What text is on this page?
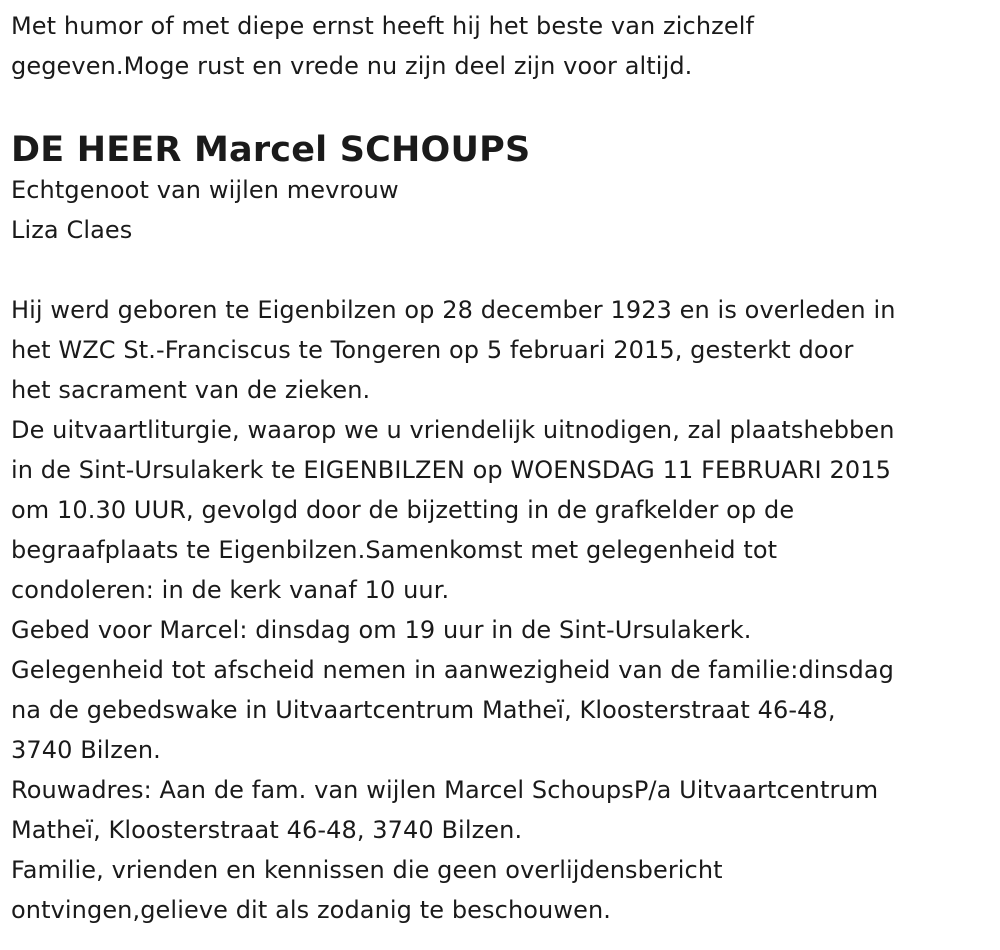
Met humor of met diepe ernst heeft hij het beste van zichzelf

gegeven.Moge rust en vrede nu zijn deel zijn voor altijd.

DE HEER Marcel SCHOUPS

Echtgenoot van wijlen mevrouw

Liza Claes

Hij werd geboren te Eigenbilzen op 28 december 1923 en is overleden in

het WZC St.-Franciscus te Tongeren op 5 februari 2015, gesterkt door

het sacrament van de zieken.

De uitvaartliturgie, waarop we u vriendelijk uitnodigen, zal plaatshebben

in de Sint-Ursulakerk te EIGENBILZEN op WOENSDAG 11 FEBRUARI 2015

om 10.30 UUR, gevolgd door de bijzetting in de grafkelder op de

begraafplaats te Eigenbilzen.Samenkomst met gelegenheid tot

condoleren: in de kerk vanaf 10 uur.

Gebed voor Marcel: dinsdag om 19 uur in de Sint-Ursulakerk.

Gelegenheid tot afscheid nemen in aanwezigheid van de familie:dinsdag

na de gebedswake in Uitvaartcentrum Matheï, Kloosterstraat 46-48,

3740 Bilzen.

Rouwadres: Aan de fam. van wijlen Marcel SchoupsP/a Uitvaartcentrum

Matheï, Kloosterstraat 46-48, 3740 Bilzen.

Familie, vrienden en kennissen die geen overlijdensbericht

ontvingen,gelieve dit als zodanig te beschouwen.
